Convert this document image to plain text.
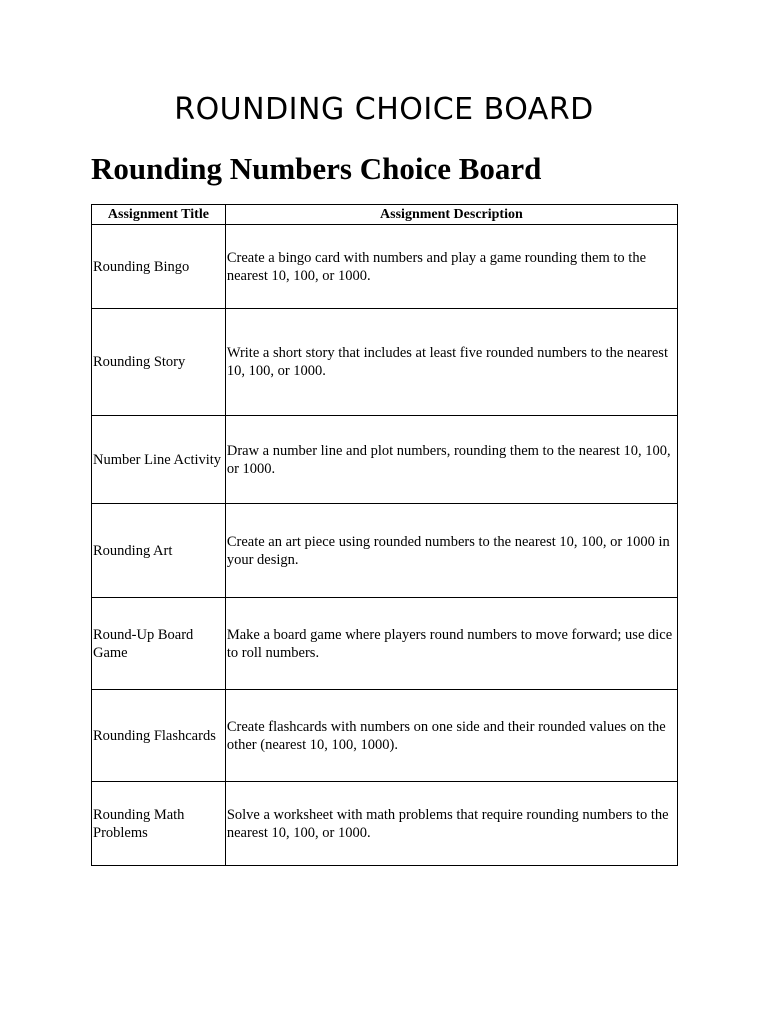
ROUNDING CHOICE BOARD
Rounding Numbers Choice Board
Assignment Title	Assignment Description
Rounding Bingo	Create a bingo card with numbers and play a game rounding them to the nearest 10, 100, or 1000.
Rounding Story	Write a short story that includes at least five rounded numbers to the nearest 10, 100, or 1000.
Number Line Activity	Draw a number line and plot numbers, rounding them to the nearest 10, 100, or 1000.
Rounding Art	Create an art piece using rounded numbers to the nearest 10, 100, or 1000 in your design.
Round-Up Board Game	Make a board game where players round numbers to move forward; use dice to roll numbers.
Rounding Flashcards	Create flashcards with numbers on one side and their rounded values on the other (nearest 10, 100, 1000).
Rounding Math Problems	Solve a worksheet with math problems that require rounding numbers to the nearest 10, 100, or 1000.
